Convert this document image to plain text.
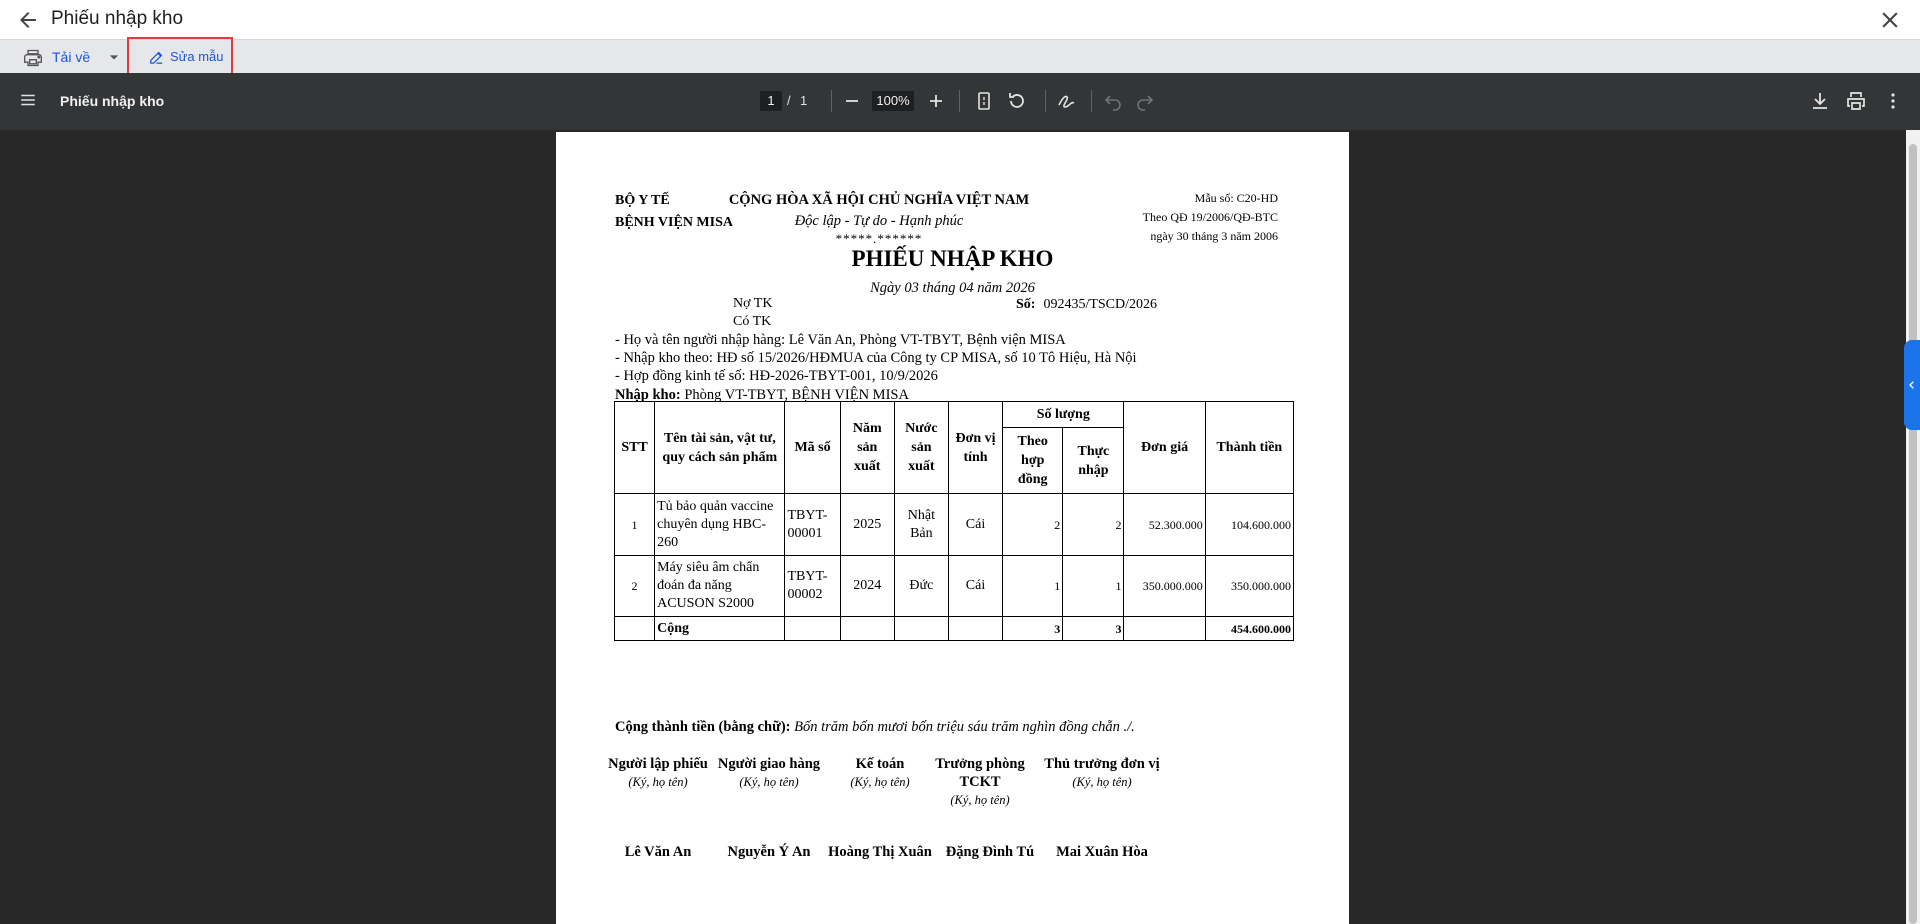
Phiếu nhập kho
Tải về	Sửa mẫu
Phiếu nhập kho	1 / 1	100%
BỘ Y TẾ
BỆNH VIỆN MISA
CỘNG HÒA XÃ HỘI CHỦ NGHĨA VIỆT NAM
Độc lập - Tự do - Hạnh phúc
*****.******
Mẫu số: C20-HD
Theo QĐ 19/2006/QĐ-BTC
ngày 30 tháng 3 năm 2006
PHIẾU NHẬP KHO
Ngày 03 tháng 04 năm 2026
Nợ TK
Có TK
Số: 092435/TSCD/2026
- Họ và tên người nhập hàng: Lê Văn An, Phòng VT-TBYT, Bệnh viện MISA
- Nhập kho theo: HĐ số 15/2026/HĐMUA của Công ty CP MISA, số 10 Tô Hiệu, Hà Nội
- Hợp đồng kinh tế số: HĐ-2026-TBYT-001, 10/9/2026
Nhập kho: Phòng VT-TBYT, BỆNH VIỆN MISA
STT	Tên tài sản, vật tư, quy cách sản phẩm	Mã số	Năm sản xuất	Nước sản xuất	Đơn vị tính	Số lượng		Đơn giá	Thành tiền
						Theo hợp đồng	Thực nhập		
1	Tủ bảo quản vaccine chuyên dụng HBC-260	TBYT-00001	2025	Nhật Bản	Cái	2	2	52.300.000	104.600.000
2	Máy siêu âm chẩn đoán đa năng ACUSON S2000	TBYT-00002	2024	Đức	Cái	1	1	350.000.000	350.000.000
	Cộng					3	3		454.600.000
Cộng thành tiền (bằng chữ): Bốn trăm bốn mươi bốn triệu sáu trăm nghìn đồng chẵn ./.
Người lập phiếu
(Ký, họ tên)
Người giao hàng
(Ký, họ tên)
Kế toán
(Ký, họ tên)
Trưởng phòng TCKT
(Ký, họ tên)
Thủ trưởng đơn vị
(Ký, họ tên)
Lê Văn An	Nguyễn Ý An	Hoàng Thị Xuân Đặng Đình Tú	Mai Xuân Hòa
